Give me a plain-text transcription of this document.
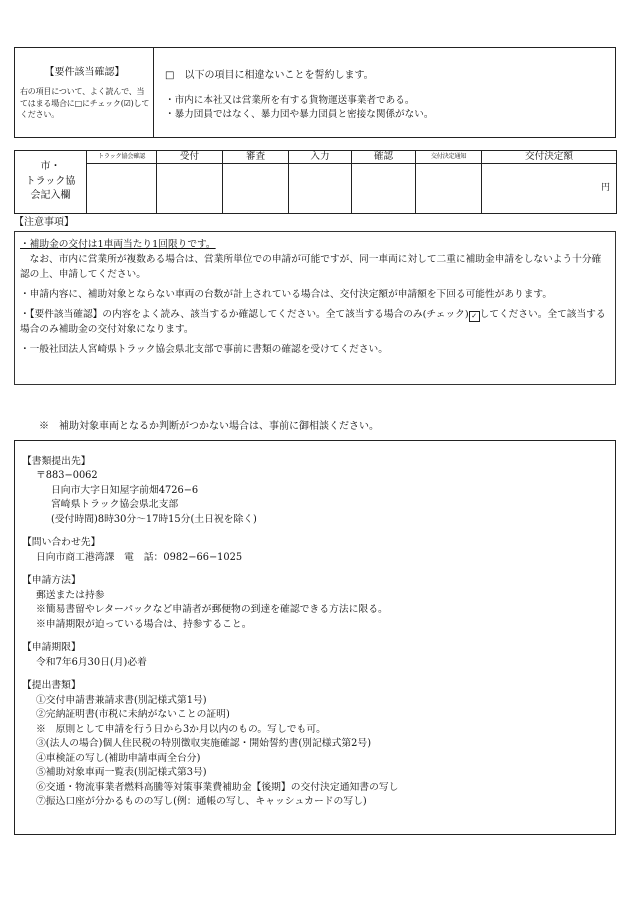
【要件該当確認】
右の項目について、よく読んで、当てはまる場合に□にチェック(☑)してください。
□　以下の項目に相違ないことを誓約します。
・市内に本社又は営業所を有する貨物運送事業者である。
・暴力団員ではなく、暴力団や暴力団員と密接な関係がない。
市・
トラック協
会記入欄	トラック協会確認	受付	審査	入力	確認	交付決定通知	交付決定額
							円
【注意事項】

・補助金の交付は1車両当たり1回限りです。
　なお、市内に営業所が複数ある場合は、営業所単位での申請が可能ですが、同一車両に対して二重に補助金申請をしないよう十分確認の上、申請してください。

・申請内容に、補助対象とならない車両の台数が計上されている場合は、交付決定額が申請額を下回る可能性があります。

・【要件該当確認】の内容をよく読み、該当するか確認してください。全て該当する場合のみ(チェック) ✓ してください。全て該当する場合のみ補助金の交付対象になります。

・一般社団法人宮崎県トラック協会県北支部で事前に書類の確認を受けてください。

※　補助対象車両となるか判断がつかない場合は、事前に御相談ください。
【書類提出先】
〒883−0062
日向市大字日知屋字前畑4726−6
宮崎県トラック協会県北支部
(受付時間)8時30分〜17時15分(土日祝を除く)
【問い合わせ先】
日向市商工港湾課　電　話：0982−66−1025
【申請方法】
郵送または持参
※簡易書留やレターパックなど申請者が郵便物の到達を確認できる方法に限る。
※申請期限が迫っている場合は、持参すること。
【申請期限】
令和7年6月30日(月)必着
【提出書類】
①交付申請書兼請求書(別記様式第1号)
②完納証明書(市税に未納がないことの証明)
※　原則として申請を行う日から3か月以内のもの。写しでも可。
③(法人の場合)個人住民税の特別徴収実施確認・開始誓約書(別記様式第2号)
④車検証の写し(補助申請車両全台分)
⑤補助対象車両一覧表(別記様式第3号)
⑥交通・物流事業者燃料高騰等対策事業費補助金【後期】の交付決定通知書の写し
⑦振込口座が分かるものの写し(例：通帳の写し、キャッシュカードの写し)
